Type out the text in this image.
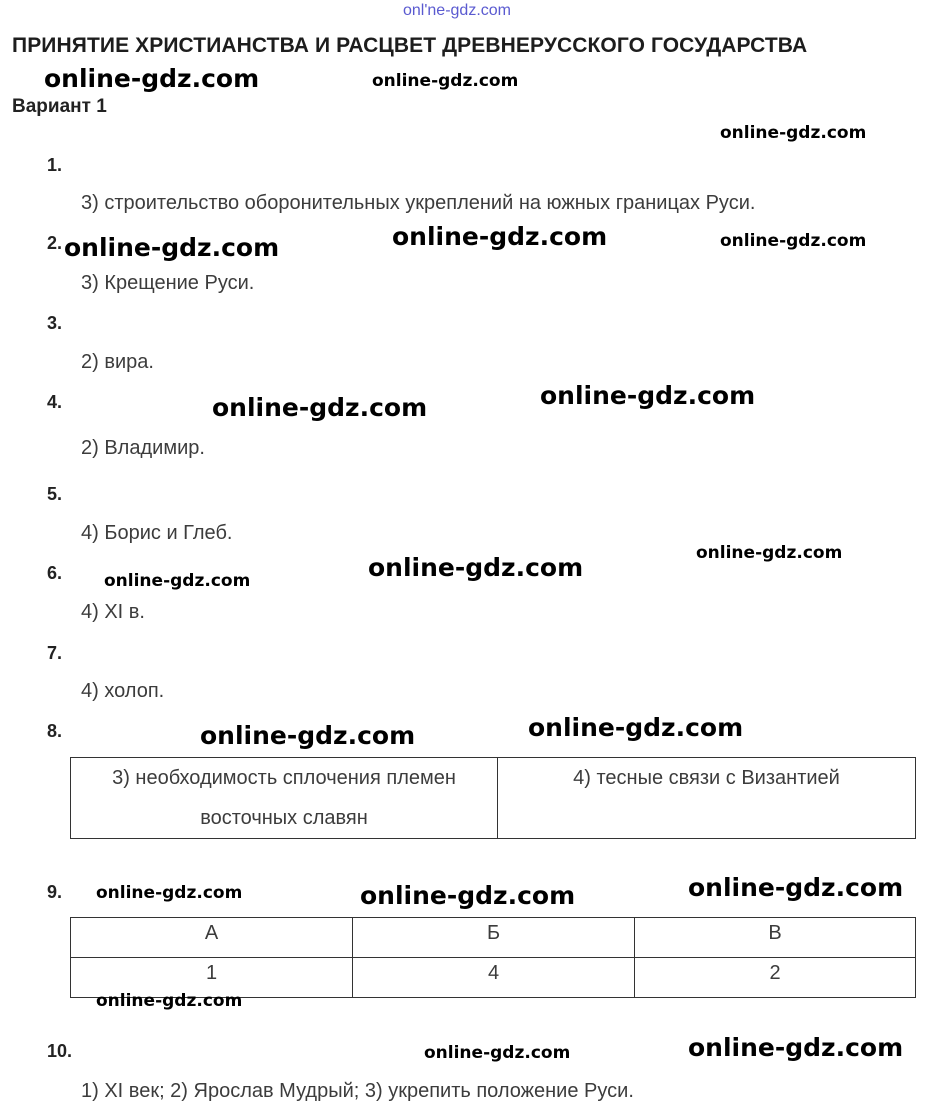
onl'ne-gdz.com
ПРИНЯТИЕ ХРИСТИАНСТВА И РАСЦВЕТ ДРЕВНЕРУССКОГО ГОСУДАРСТВА
Вариант 1
1.
2.
3.
4.
5.
6.
7.
8.
9.
10.
3) строительство оборонительных укреплений на южных границах Руси.
3) Крещение Руси.
2) вира.
2) Владимир.
4) Борис и Глеб.
4) XI в.
4) холоп.
1) XI век; 2) Ярослав Мудрый; 3) укрепить положение Руси.
3) необходимость сплочения племен
восточных славян

4) тесные связи с Византией
А	Б	В
1	4	2
online-gdz.com	online-gdz.com
online-gdz.com
online-gdz.com	online-gdz.com	online-gdz.com
online-gdz.com	online-gdz.com
online-gdz.com
online-gdz.com	online-gdz.com
online-gdz.com	online-gdz.com
online-gdz.com	online-gdz.com	online-gdz.com
online-gdz.com
online-gdz.com	online-gdz.com
